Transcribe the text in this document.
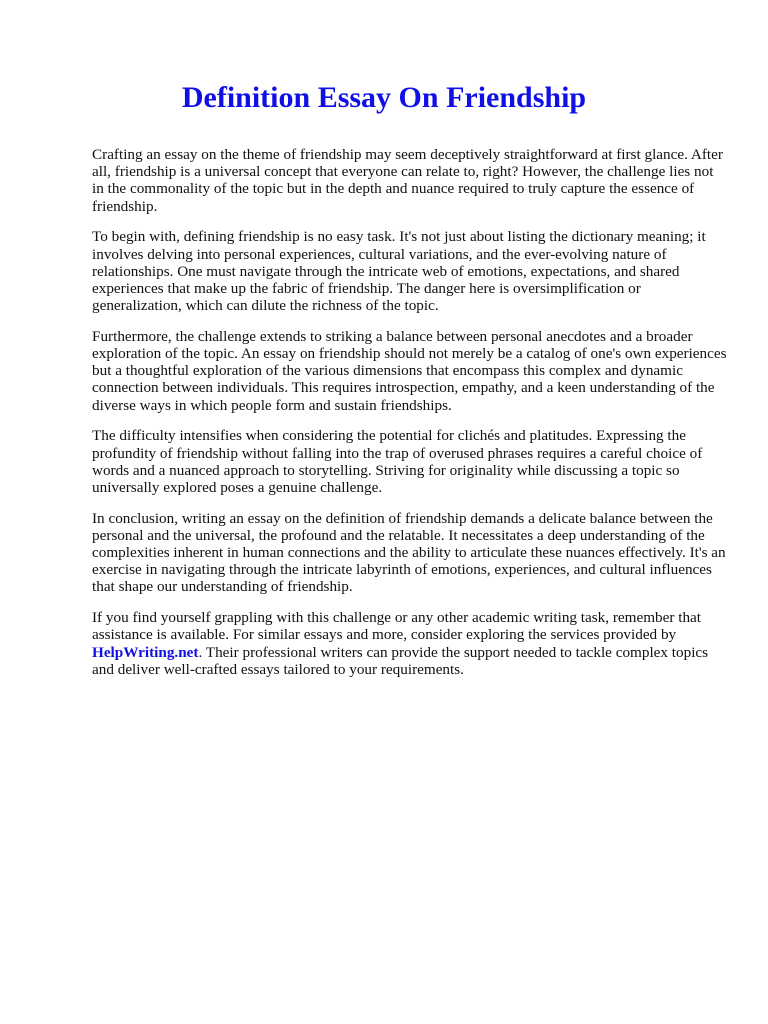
Definition Essay On Friendship

Crafting an essay on the theme of friendship may seem deceptively straightforward at first glance. After all, friendship is a universal concept that everyone can relate to, right? However, the challenge lies not in the commonality of the topic but in the depth and nuance required to truly capture the essence of friendship.

To begin with, defining friendship is no easy task. It's not just about listing the dictionary meaning; it involves delving into personal experiences, cultural variations, and the ever-evolving nature of relationships. One must navigate through the intricate web of emotions, expectations, and shared experiences that make up the fabric of friendship. The danger here is oversimplification or generalization, which can dilute the richness of the topic.

Furthermore, the challenge extends to striking a balance between personal anecdotes and a broader exploration of the topic. An essay on friendship should not merely be a catalog of one's own experiences but a thoughtful exploration of the various dimensions that encompass this complex and dynamic connection between individuals. This requires introspection, empathy, and a keen understanding of the diverse ways in which people form and sustain friendships.

The difficulty intensifies when considering the potential for clichés and platitudes. Expressing the profundity of friendship without falling into the trap of overused phrases requires a careful choice of words and a nuanced approach to storytelling. Striving for originality while discussing a topic so universally explored poses a genuine challenge.

In conclusion, writing an essay on the definition of friendship demands a delicate balance between the personal and the universal, the profound and the relatable. It necessitates a deep understanding of the complexities inherent in human connections and the ability to articulate these nuances effectively. It's an exercise in navigating through the intricate labyrinth of emotions, experiences, and cultural influences that shape our understanding of friendship.

If you find yourself grappling with this challenge or any other academic writing task, remember that assistance is available. For similar essays and more, consider exploring the services provided by HelpWriting.net. Their professional writers can provide the support needed to tackle complex topics and deliver well-crafted essays tailored to your requirements.
